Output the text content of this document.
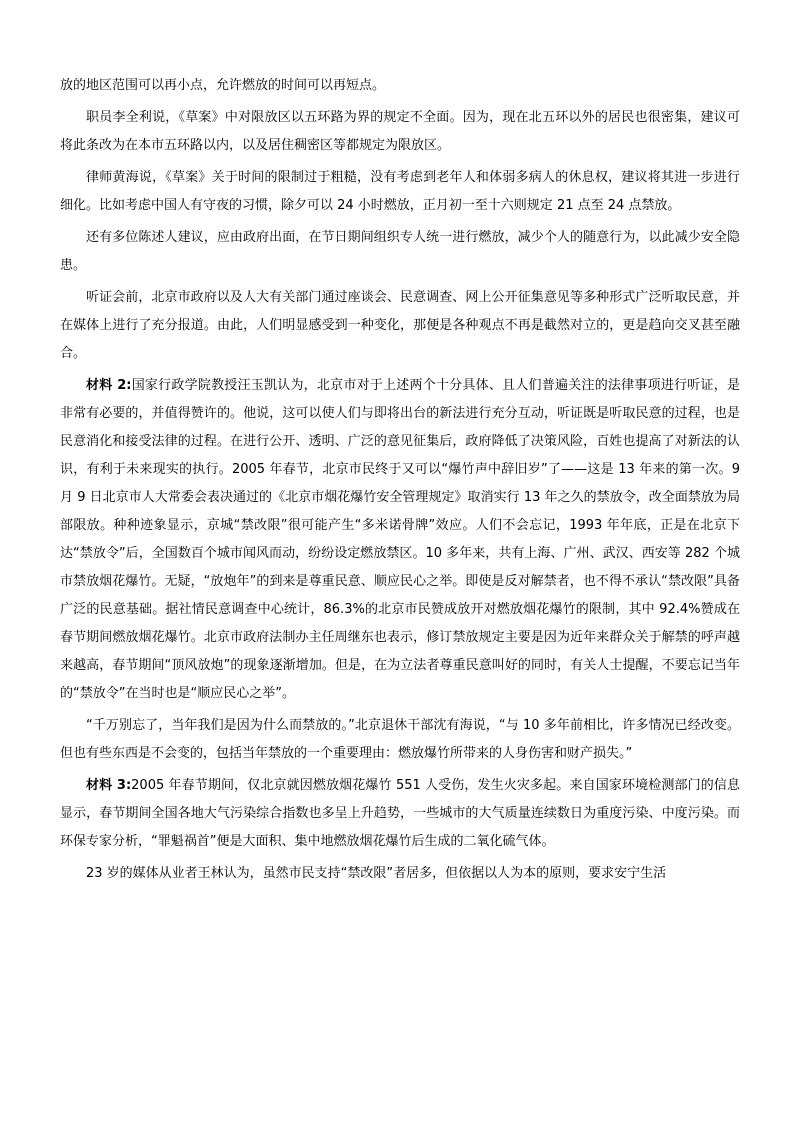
放的地区范围可以再小点，允许燃放的时间可以再短点。

职员李全利说，《草案》中对限放区以五环路为界的规定不全面。因为，现在北五环以外的居民也很密集，建议可将此条改为在本市五环路以内，以及居住稠密区等都规定为限放区。

律师黄海说，《草案》关于时间的限制过于粗糙，没有考虑到老年人和体弱多病人的休息权，建议将其进一步进行细化。比如考虑中国人有守夜的习惯，除夕可以 24 小时燃放，正月初一至十六则规定 21 点至 24 点禁放。

还有多位陈述人建议，应由政府出面，在节日期间组织专人统一进行燃放，减少个人的随意行为，以此减少安全隐患。

听证会前，北京市政府以及人大有关部门通过座谈会、民意调查、网上公开征集意见等多种形式广泛听取民意，并在媒体上进行了充分报道。由此，人们明显感受到一种变化，那便是各种观点不再是截然对立的，更是趋向交叉甚至融合。

材料 2:国家行政学院教授汪玉凯认为，北京市对于上述两个十分具体、且人们普遍关注的法律事项进行听证，是非常有必要的，并值得赞许的。他说，这可以使人们与即将出台的新法进行充分互动，听证既是听取民意的过程，也是民意消化和接受法律的过程。在进行公开、透明、广泛的意见征集后，政府降低了决策风险，百姓也提高了对新法的认识，有利于未来现实的执行。2005 年春节，北京市民终于又可以“爆竹声中辞旧岁”了——这是 13 年来的第一次。9 月 9 日北京市人大常委会表决通过的《北京市烟花爆竹安全管理规定》取消实行 13 年之久的禁放令，改全面禁放为局部限放。种种迹象显示，京城“禁改限”很可能产生“多米诺骨牌”效应。人们不会忘记，1993 年年底，正是在北京下达“禁放令”后，全国数百个城市闻风而动，纷纷设定燃放禁区。10 多年来，共有上海、广州、武汉、西安等 282 个城市禁放烟花爆竹。无疑，“放炮年”的到来是尊重民意、顺应民心之举。即使是反对解禁者，也不得不承认“禁改限”具备广泛的民意基础。据社情民意调查中心统计，86.3%的北京市民赞成放开对燃放烟花爆竹的限制，其中 92.4%赞成在春节期间燃放烟花爆竹。北京市政府法制办主任周继东也表示，修订禁放规定主要是因为近年来群众关于解禁的呼声越来越高，春节期间“顶风放炮”的现象逐渐增加。但是，在为立法者尊重民意叫好的同时，有关人士提醒，不要忘记当年的“禁放令”在当时也是“顺应民心之举”。

“千万别忘了，当年我们是因为什么而禁放的。”北京退休干部沈有海说，“与 10 多年前相比，许多情况已经改变。但也有些东西是不会变的，包括当年禁放的一个重要理由：燃放爆竹所带来的人身伤害和财产损失。”

材料 3:2005 年春节期间，仅北京就因燃放烟花爆竹 551 人受伤，发生火灾多起。来自国家环境检测部门的信息显示，春节期间全国各地大气污染综合指数也多呈上升趋势，一些城市的大气质量连续数日为重度污染、中度污染。而环保专家分析，“罪魁祸首”便是大面积、集中地燃放烟花爆竹后生成的二氧化硫气体。

23 岁的媒体从业者王林认为，虽然市民支持“禁改限”者居多，但依据以人为本的原则，要求安宁生活
